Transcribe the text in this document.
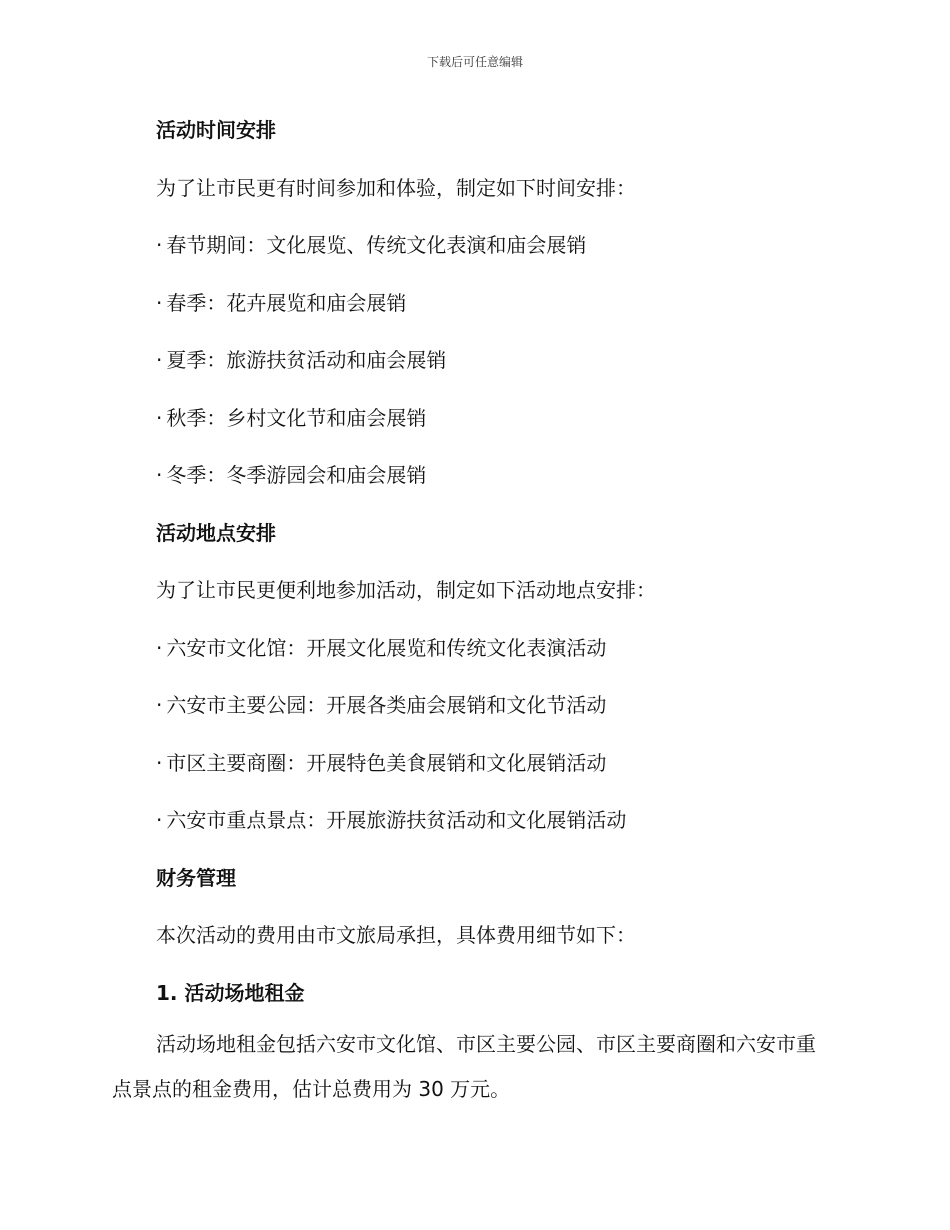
下载后可任意编辑
活动时间安排
为了让市民更有时间参加和体验，制定如下时间安排：
· 春节期间：文化展览、传统文化表演和庙会展销
· 春季：花卉展览和庙会展销
· 夏季：旅游扶贫活动和庙会展销
· 秋季：乡村文化节和庙会展销
· 冬季：冬季游园会和庙会展销
活动地点安排
为了让市民更便利地参加活动，制定如下活动地点安排：
· 六安市文化馆：开展文化展览和传统文化表演活动
· 六安市主要公园：开展各类庙会展销和文化节活动
· 市区主要商圈：开展特色美食展销和文化展销活动
· 六安市重点景点：开展旅游扶贫活动和文化展销活动
财务管理
本次活动的费用由市文旅局承担，具体费用细节如下：
1. 活动场地租金
活动场地租金包括六安市文化馆、市区主要公园、市区主要商圈和六安市重点景点的租金费用，估计总费用为 30 万元。
